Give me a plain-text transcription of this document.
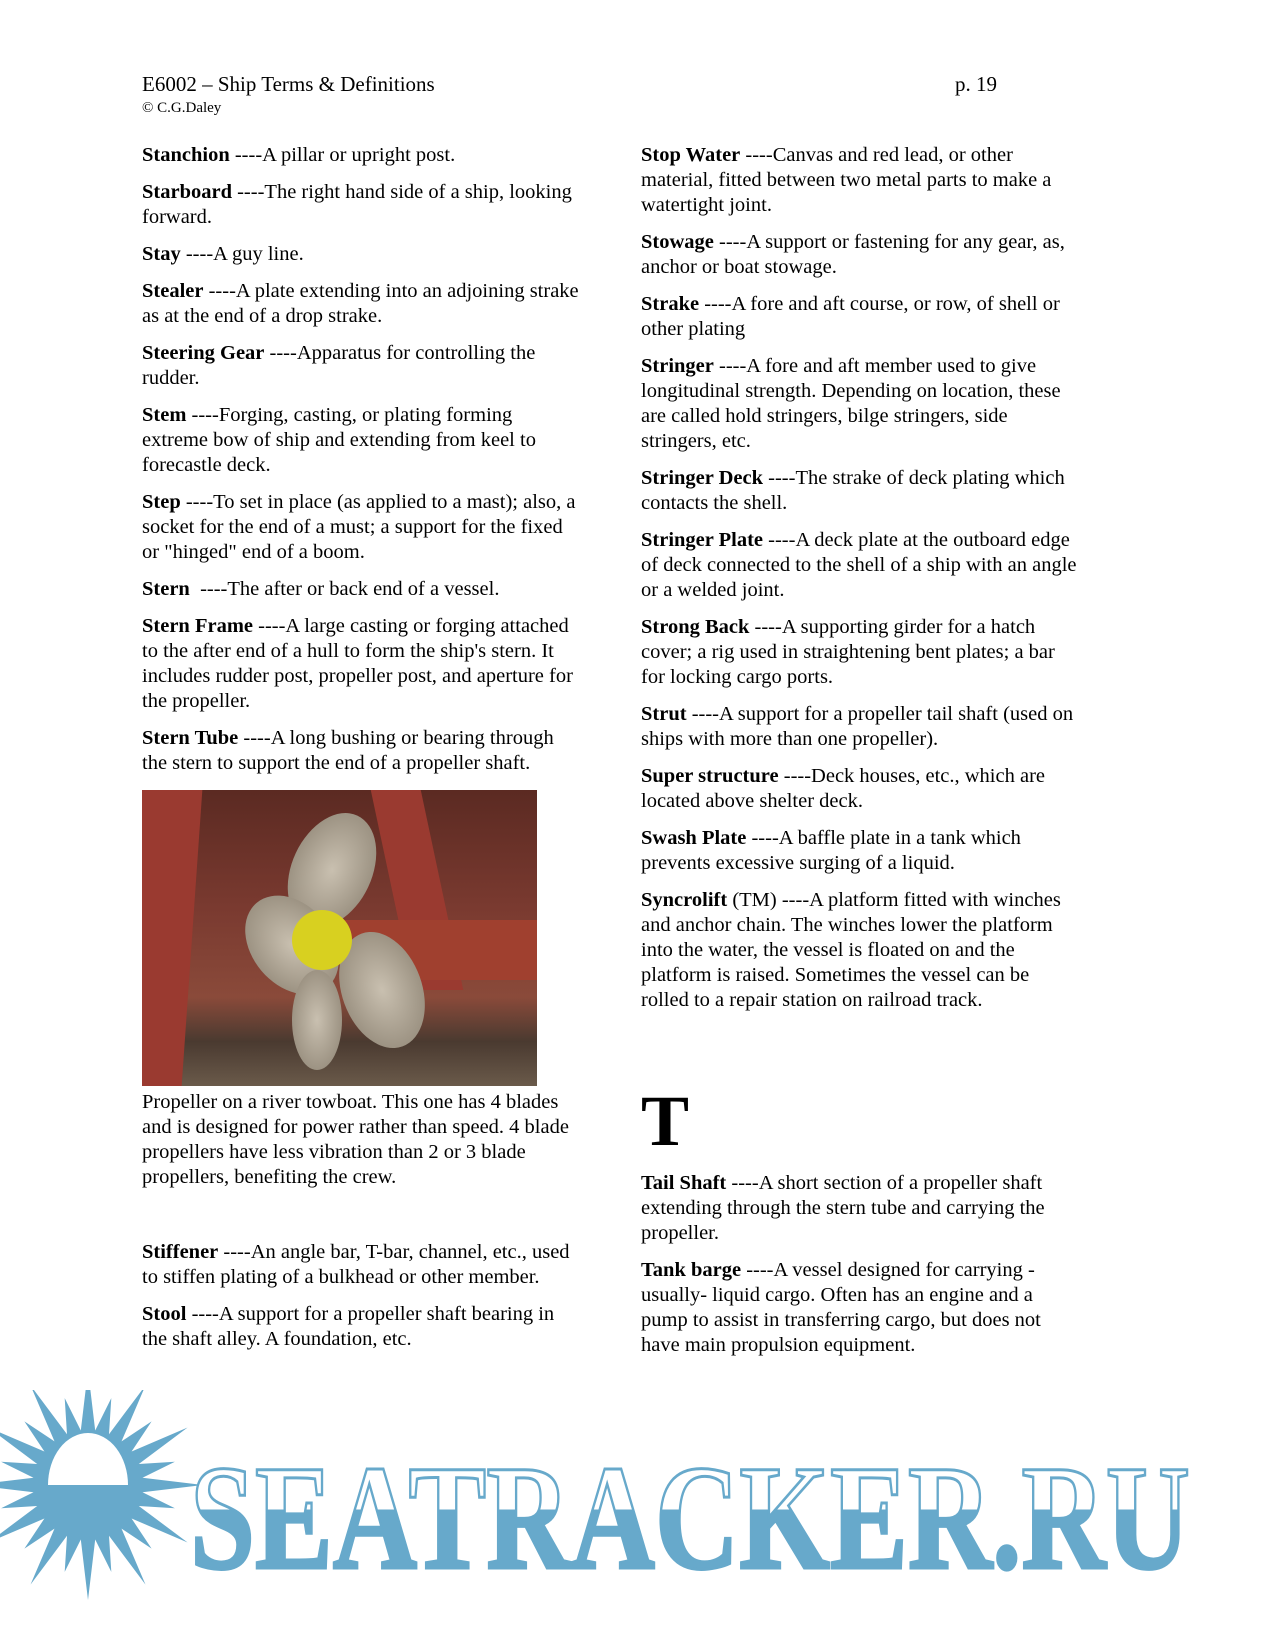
E6002 – Ship Terms & Definitions
© C.G.Daley
p. 19
Stanchion ----A pillar or upright post.
Starboard ----The right hand side of a ship, looking forward.
Stay ----A guy line.
Stealer ----A plate extending into an adjoining strake as at the end of a drop strake.
Steering Gear ----Apparatus for controlling the rudder.
Stem ----Forging, casting, or plating forming extreme bow of ship and extending from keel to forecastle deck.
Step ----To set in place (as applied to a mast); also, a socket for the end of a must; a support for the fixed or "hinged" end of a boom.
Stern  ----The after or back end of a vessel.
Stern Frame ----A large casting or forging attached to the after end of a hull to form the ship's stern. It includes rudder post, propeller post, and aperture for the propeller.
Stern Tube ----A long bushing or bearing through the stern to support the end of a propeller shaft.
Propeller on a river towboat. This one has 4 blades and is designed for power rather than speed. 4 blade propellers have less vibration than 2 or 3 blade propellers, benefiting the crew.
Stiffener ----An angle bar, T-bar, channel, etc., used to stiffen plating of a bulkhead or other member.
Stool ----A support for a propeller shaft bearing in the shaft alley. A foundation, etc.
Stop Water ----Canvas and red lead, or other material, fitted between two metal parts to make a watertight joint.
Stowage ----A support or fastening for any gear, as, anchor or boat stowage.
Strake ----A fore and aft course, or row, of shell or other plating
Stringer ----A fore and aft member used to give longitudinal strength. Depending on location, these are called hold stringers, bilge stringers, side stringers, etc.
Stringer Deck ----The strake of deck plating which contacts the shell.
Stringer Plate ----A deck plate at the outboard edge of deck connected to the shell of a ship with an angle or a welded joint.
Strong Back ----A supporting girder for a hatch cover; a rig used in straightening bent plates; a bar for locking cargo ports.
Strut ----A support for a propeller tail shaft (used on ships with more than one propeller).
Super structure ----Deck houses, etc., which are located above shelter deck.
Swash Plate ----A baffle plate in a tank which prevents excessive surging of a liquid.
Syncrolift (TM) ----A platform fitted with winches and anchor chain. The winches lower the platform into the water, the vessel is floated on and the platform is raised. Sometimes the vessel can be rolled to a repair station on railroad track.
T
Tail Shaft ----A short section of a propeller shaft extending through the stern tube and carrying the propeller.
Tank barge ----A vessel designed for carrying -usually- liquid cargo. Often has an engine and a pump to assist in transferring cargo, but does not have main propulsion equipment.
SEATRACKER.RU
